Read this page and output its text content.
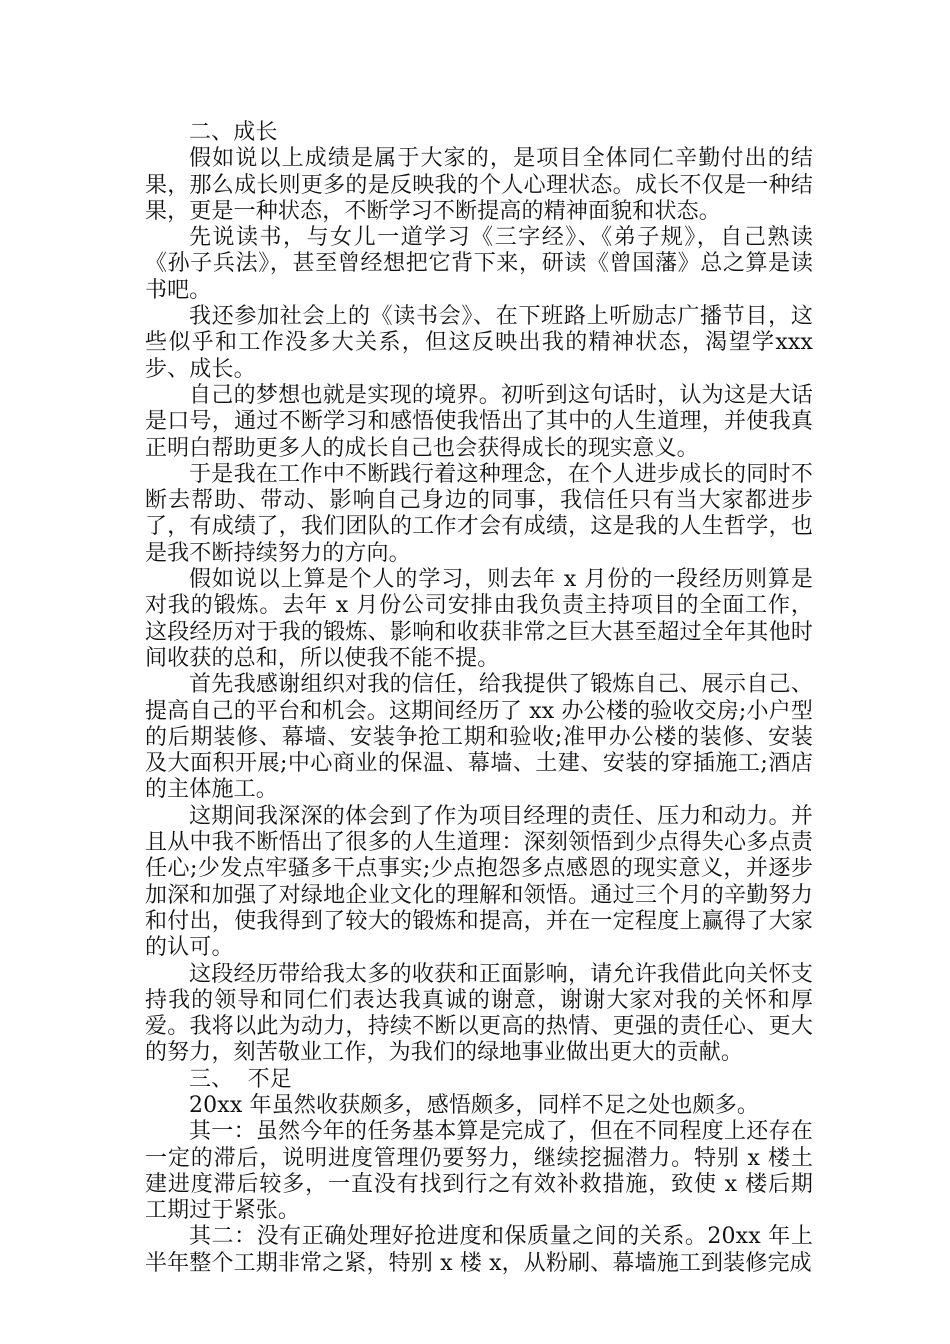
二、成长

假如说以上成绩是属于大家的，是项目全体同仁辛勤付出的结果，那么成长则更多的是反映我的个人心理状态。成长不仅是一种结果，更是一种状态，不断学习不断提高的精神面貌和状态。

先说读书，与女儿一道学习《三字经》、《弟子规》，自己熟读《孙子兵法》，甚至曾经想把它背下来，研读《曾国藩》总之算是读书吧。

我还参加社会上的《读书会》、在下班路上听励志广播节目，这些似乎和工作没多大关系，但这反映出我的精神状态，渴望学xxx步、成长。

自己的梦想也就是实现的境界。初听到这句话时，认为这是大话是口号，通过不断学习和感悟使我悟出了其中的人生道理，并使我真正明白帮助更多人的成长自己也会获得成长的现实意义。

于是我在工作中不断践行着这种理念，在个人进步成长的同时不断去帮助、带动、影响自己身边的同事，我信任只有当大家都进步了，有成绩了，我们团队的工作才会有成绩，这是我的人生哲学，也是我不断持续努力的方向。

假如说以上算是个人的学习，则去年 x 月份的一段经历则算是对我的锻炼。去年 x 月份公司安排由我负责主持项目的全面工作，这段经历对于我的锻炼、影响和收获非常之巨大甚至超过全年其他时间收获的总和，所以使我不能不提。

首先我感谢组织对我的信任，给我提供了锻炼自己、展示自己、提高自己的平台和机会。这期间经历了 xx 办公楼的验收交房;小户型的后期装修、幕墙、安装争抢工期和验收;准甲办公楼的装修、安装及大面积开展;中心商业的保温、幕墙、土建、安装的穿插施工;酒店的主体施工。

这期间我深深的体会到了作为项目经理的责任、压力和动力。并且从中我不断悟出了很多的人生道理：深刻领悟到少点得失心多点责任心;少发点牢骚多干点事实;少点抱怨多点感恩的现实意义，并逐步加深和加强了对绿地企业文化的理解和领悟。通过三个月的辛勤努力和付出，使我得到了较大的锻炼和提高，并在一定程度上赢得了大家的认可。

这段经历带给我太多的收获和正面影响，请允许我借此向关怀支持我的领导和同仁们表达我真诚的谢意，谢谢大家对我的关怀和厚爱。我将以此为动力，持续不断以更高的热情、更强的责任心、更大的努力，刻苦敬业工作，为我们的绿地事业做出更大的贡献。

三、  不足

20xx 年虽然收获颇多，感悟颇多，同样不足之处也颇多。

其一：虽然今年的任务基本算是完成了，但在不同程度上还存在一定的滞后，说明进度管理仍要努力，继续挖掘潜力。特别 x 楼土建进度滞后较多，一直没有找到行之有效补救措施，致使 x 楼后期工期过于紧张。

其二：没有正确处理好抢进度和保质量之间的关系。20xx 年上半年整个工期非常之紧，特别 x 楼 x，从粉刷、幕墙施工到装修完成
